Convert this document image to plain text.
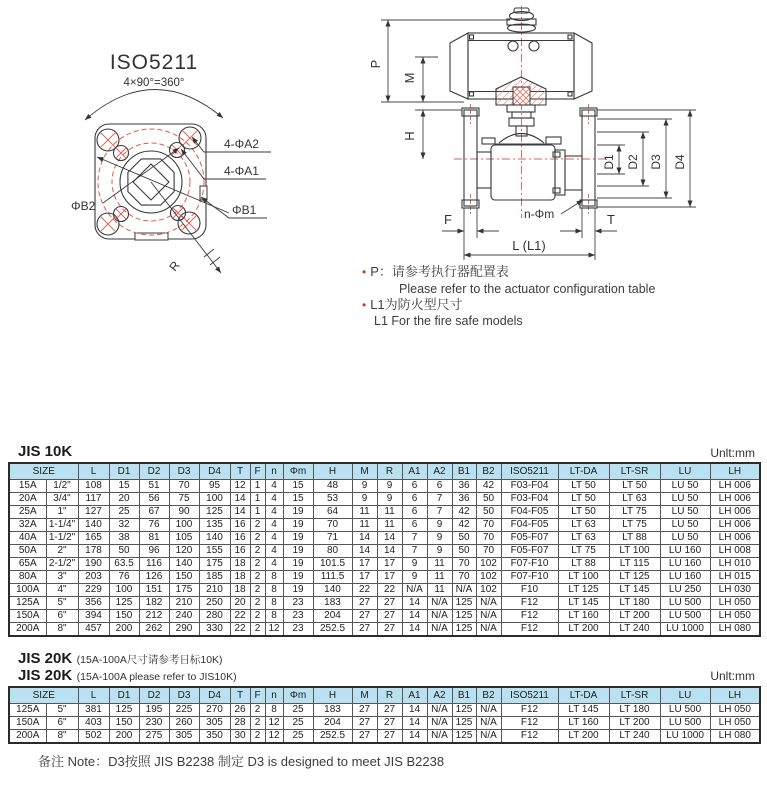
ISO5211
4×90°=360°
4-ΦA2
4-ΦA1
ΦB1
ΦB2
R
P
M
H
D1 D2 D3 D4
F	T
L (L1)
n-Φm
• P：请参考执行器配置表
Please refer to the actuator configuration table
• L1为防火型尺寸
L1 For the fire safe models
JIS 10K	Unlt:mm
SIZE		L	D1	D2	D3	D4	T	F	n	Φm	H	M	R	A1	A2	B1	B2	ISO5211	LT-DA	LT-SR	LU	LH
15A	1/2"	108	15	51	70	95	12	1	4	15	48	9	9	6	6	36	42	F03-F04	LT 50	LT 50	LU 50	LH 006
20A	3/4"	117	20	56	75	100	14	1	4	15	53	9	9	6	7	36	50	F03-F04	LT 50	LT 63	LU 50	LH 006
25A	1"	127	25	67	90	125	14	1	4	19	64	11	11	6	7	42	50	F04-F05	LT 50	LT 75	LU 50	LH 006
32A	1-1/4"	140	32	76	100	135	16	2	4	19	70	11	11	6	9	42	70	F04-F05	LT 63	LT 75	LU 50	LH 006
40A	1-1/2"	165	38	81	105	140	16	2	4	19	71	14	14	7	9	50	70	F05-F07	LT 63	LT 88	LU 50	LH 006
50A	2"	178	50	96	120	155	16	2	4	19	80	14	14	7	9	50	70	F05-F07	LT 75	LT 100	LU 160	LH 008
65A	2-1/2"	190	63.5	116	140	175	18	2	4	19	101.5	17	17	9	11	70	102	F07-F10	LT 88	LT 115	LU 160	LH 010
80A	3"	203	76	126	150	185	18	2	8	19	111.5	17	17	9	11	70	102	F07-F10	LT 100	LT 125	LU 160	LH 015
100A	4"	229	100	151	175	210	18	2	8	19	140	22	22	N/A	11	N/A	102	F10	LT 125	LT 145	LU 250	LH 030
125A	5"	356	125	182	210	250	20	2	8	23	183	27	27	14	N/A	125	N/A	F12	LT 145	LT 180	LU 500	LH 050
150A	6"	394	150	212	240	280	22	2	8	23	204	27	27	14	N/A	125	N/A	F12	LT 160	LT 200	LU 500	LH 050
200A	8"	457	200	262	290	330	22	2	12	23	252.5	27	27	14	N/A	125	N/A	F12	LT 200	LT 240	LU 1000	LH 080
JIS 20K (15A-100A尺寸请参考日标10K)
JIS 20K (15A-100A please refer to JIS10K)	Unlt:mm
SIZE		L	D1	D2	D3	D4	T	F	n	Φm	H	M	R	A1	A2	B1	B2	ISO5211	LT-DA	LT-SR	LU	LH
125A	5"	381	125	195	225	270	26	2	8	25	183	27	27	14	N/A	125	N/A	F12	LT 145	LT 180	LU 500	LH 050
150A	6"	403	150	230	260	305	28	2	12	25	204	27	27	14	N/A	125	N/A	F12	LT 160	LT 200	LU 500	LH 050
200A	8"	502	200	275	305	350	30	2	12	25	252.5	27	27	14	N/A	125	N/A	F12	LT 200	LT 240	LU 1000	LH 080
备注 Note：D3按照 JIS B2238 制定 D3 is designed to meet JIS B2238
